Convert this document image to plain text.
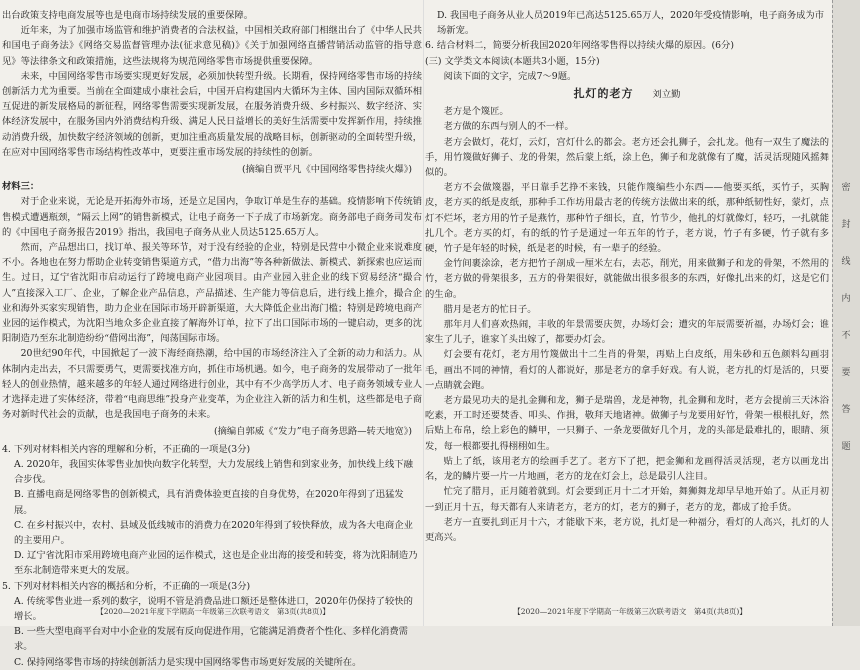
出台政策支持电商发展等也是电商市场持续发展的重要保障。

近年来，为了加强市场监管和维护消费者的合法权益，中国相关政府部门相继出台了《中华人民共和国电子商务法》《网络交易监督管理办法(征求意见稿)》《关于加强网络直播营销活动监管的指导意见》等法律条文和政策措施，这些法规将为规范网络零售市场提供重要保障。

未来，中国网络零售市场要实现更好发展，必须加快转型升级。长期看，保持网络零售市场的持续创新活力尤为重要。当前在全面建成小康社会后，中国开启构建国内大循环为主体、国内国际双循环相互促进的新发展格局的新征程，网络零售需要实现新发展，在服务消费升级、乡村振兴、数字经济、实体经济发展中，在服务国内外消费结构升级、满足人民日益增长的美好生活需要中发挥新作用，持续推动消费升级，加快数字经济领域的创新，更加注重高质量发展的战略目标，创新驱动的全面转型升级，在应对中国网络零售市场结构性改革中，更要注重市场发展的持续性的创新。

(摘编自贾平凡《中国网络零售持续火爆》)

材料三：

对于企业来说，无论是开拓海外市场，还是立足国内，争取订单是生存的基础。疫情影响下传统销售模式遭遇瓶颈，“隔云上网”的销售新模式，让电子商务一下子成了市场新宠。商务部电子商务司发布的《中国电子商务报告2019》指出，我国电子商务从业人员达5125.65万人。

然而，产品想出口，找订单、报关等环节，对于没有经验的企业，特别是民营中小微企业来说难度不小。各地也在努力帮助企业转变销售渠道方式，“借力出海”等各种新做法、新模式、新探索也应运而生。过日，辽宁省沈阳市启动运行了跨境电商产业园项目。由产业园入驻企业的线下贸易经济“撮合人”直接深入工厂、企业，了解企业产品信息，产品描述、生产能力等信息后，进行线上推介，撮合企业和海外买家实现销售，助力企业在国际市场开辟新渠道，大大降低企业出海门槛；特别是跨境电商产业园的运作模式，为沈阳当地众多企业直接了解海外订单，拉下了出口国际市场的一键启动，更多的沈阳制造乃至东北制造纷纷“借网出海”，闯荡国际市场。

20世纪90年代，中国掀起了一波下海经商热潮，给中国的市场经济注入了全新的动力和活力。从体制内走出去，不只需要勇气，更需要找准方向，抓住市场机遇。如今，电子商务的发展带动了一批年轻人的创业热情，越来越多的年轻人通过网络进行创业，其中有不少高学历人才、电子商务领域专业人才选择走进了实体经济，带着“电商思维”投身产业变革，为企业注入新的活力和生机，这些都是电子商务对新时代社会的贡献，也是我国电子商务的未来。

(摘编自郭威《“发力”电子商务思路—转天地宽》)

4. 下列对材料相关内容的理解和分析，不正确的一项是(3分)

A. 2020年，我国实体零售业加快向数字化转型，大力发展线上销售和到家业务，加快线上线下融合步伐。

B. 直播电商是网络零售的创新模式，具有消费体验更直接的自身优势，在2020年得到了迅猛发展。

C. 在乡村振兴中，农村、县域及低线城市的消费力在2020年得到了较快释放，成为各大电商企业的主要用户。

D. 辽宁省沈阳市采用跨境电商产业园的运作模式，这也是企业出海的接受和转变，将为沈阳制造乃至东北制造带来更大的发展。

5. 下列对材料相关内容的概括和分析，不正确的一项是(3分)

A. 传统零售业进一系列的数字，说明不管是消费品进口额还是整体进口，2020年仍保持了较快的增长。

B. 一些大型电商平台对中小企业的发展有反向促进作用，它能满足消费者个性化、多样化消费需求。

C. 保持网络零售市场的持续创新活力是实现中国网络零售市场更好发展的关键所在。

D. 我国电子商务从业人员2019年已高达5125.65万人，2020年受疫情影响，电子商务成为市场新宠。

6. 结合材料二，简要分析我国2020年网络零售得以持续火爆的原因。(6分)

(三) 文学类文本阅读(本题共3小题，15分)

阅读下面的文字，完成7～9题。

扎灯的老方 刘立勤

老方是个篾匠。

老方做的东西与别人的不一样。

老方会做灯，花灯，云灯，宫灯什么的都会。老方还会扎狮子，会扎龙。他有一双生了魔法的手，用竹篾做好狮子、龙的骨架，然后蒙上纸，涂上色，狮子和龙就像有了魔，活灵活现随风摇舞似的。

老方不会做篾器，平日靠手艺挣不来钱，只能作篾编些小东西——他要买纸，买竹子，买胸皮，老方买的纸是皮纸，那种手工作坊用最古老的传统方法做出来的纸，那种纸韧性好，蒙灯，点灯不烂坏，老方用的竹子是燕竹，那种竹子细长，直，竹节少，他扎的灯就像灯，轻巧，一扎就能扎几个。老方买的灯，有的纸的竹子是通过一年五年的竹子，老方说，竹子有多硬，竹子就有多硬，竹子是年轻的时候，纸是老的时候，有一辈子的经验。

金竹间裹涂涂，老方把竹子剖成一厘米左右，去芯，削光，用来做狮子和龙的骨架，不然用的竹，老方做的骨架很多，五方的骨架很好，就能做出很多很多的东西，好像扎出来的灯，这是它们的生命。

腊月是老方的忙日子。

那年月人们喜欢热闹，丰收的年景需要庆贺，办场灯会；遭灾的年辰需要祈福，办场灯会；谁家生了儿子，谁家丫头出嫁了，都要办灯会。

灯会要有花灯，老方用竹篾做出十二生肖的骨架，再贴上白皮纸，用朱砂和五色颜料勾画羽毛，画出不同的神情，看灯的人都说好，那是老方的拿手好戏。有人说，老方扎的灯是活的，只要一点睛就会跑。

老方最见功夫的是扎金狮和龙，狮子是瑞兽，龙是神物，扎金狮和龙时，老方会提前三天沐浴吃素，开工时还要焚香、叩头、作揖，敬拜天地诸神。做狮子与龙要用好竹，骨架一根根扎好，然后贴上布帛，绘上彩色的鳞甲，一只狮子、一条龙要做好几个月，龙的头部是最难扎的，眼睛、须发，每一根都要扎得栩栩如生。

贴上了纸，该用老方的绘画手艺了。老方下了把，把金狮和龙画得活灵活现，老方以画龙出名，龙的鳞片要一片一片地画，老方的龙在灯会上，总是最引人注目。

忙完了腊月，正月随着就到。灯会要到正月十二才开始，舞狮舞龙却早早地开始了。从正月初一到正月十五，每天都有人来请老方，老方的灯，老方的狮子，老方的龙，都成了抢手货。

老方一直要扎到正月十六，才能歇下来，老方说，扎灯是一种福分，看灯的人高兴，扎灯的人更高兴。

【2020—2021年度下学期高一年级第三次联考语文　第3页(共8页)】	【2020—2021年度下学期高一年级第三次联考语文　第4页(共8页)】
密
封
线
内
不
要
答
题
